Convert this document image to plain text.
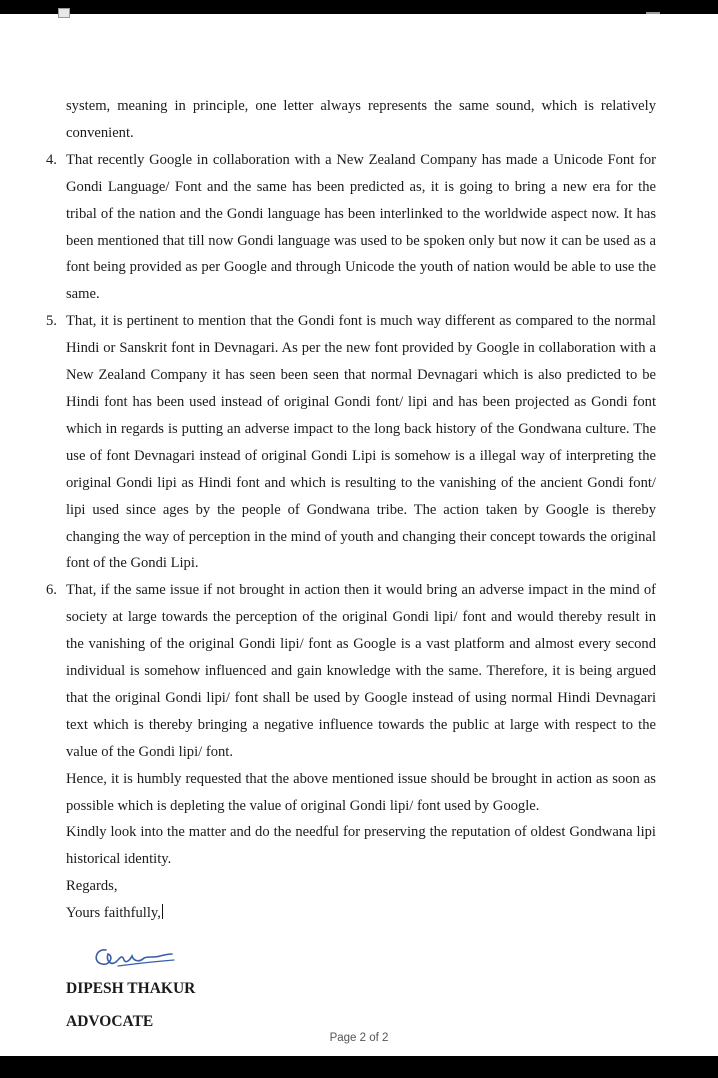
system, meaning in principle, one letter always represents the same sound, which is relatively convenient.

4. That recently Google in collaboration with a New Zealand Company has made a Unicode Font for Gondi Language/ Font and the same has been predicted as, it is going to bring a new era for the tribal of the nation and the Gondi language has been interlinked to the worldwide aspect now. It has been mentioned that till now Gondi language was used to be spoken only but now it can be used as a font being provided as per Google and through Unicode the youth of nation would be able to use the same.
5. That, it is pertinent to mention that the Gondi font is much way different as compared to the normal Hindi or Sanskrit font in Devnagari. As per the new font provided by Google in collaboration with a New Zealand Company it has seen been seen that normal Devnagari which is also predicted to be Hindi font has been used instead of original Gondi font/ lipi and has been projected as Gondi font which in regards is putting an adverse impact to the long back history of the Gondwana culture. The use of font Devnagari instead of original Gondi Lipi is somehow is a illegal way of interpreting the original Gondi lipi as Hindi font and which is resulting to the vanishing of the ancient Gondi font/ lipi used since ages by the people of Gondwana tribe. The action taken by Google is thereby changing the way of perception in the mind of youth and changing their concept towards the original font of the Gondi Lipi.
6. That, if the same issue if not brought in action then it would bring an adverse impact in the mind of society at large towards the perception of the original Gondi lipi/ font and would thereby result in the vanishing of the original Gondi lipi/ font as Google is a vast platform and almost every second individual is somehow influenced and gain knowledge with the same. Therefore, it is being argued that the original Gondi lipi/ font shall be used by Google instead of using normal Hindi Devnagari text which is thereby bringing a negative influence towards the public at large with respect to the value of the Gondi lipi/ font.

Hence, it is humbly requested that the above mentioned issue should be brought in action as soon as possible which is depleting the value of original Gondi lipi/ font used by Google.

Kindly look into the matter and do the needful for preserving the reputation of oldest Gondwana lipi historical identity.

Regards,

Yours faithfully,

DIPESH THAKUR
ADVOCATE
Page 2 of 2
